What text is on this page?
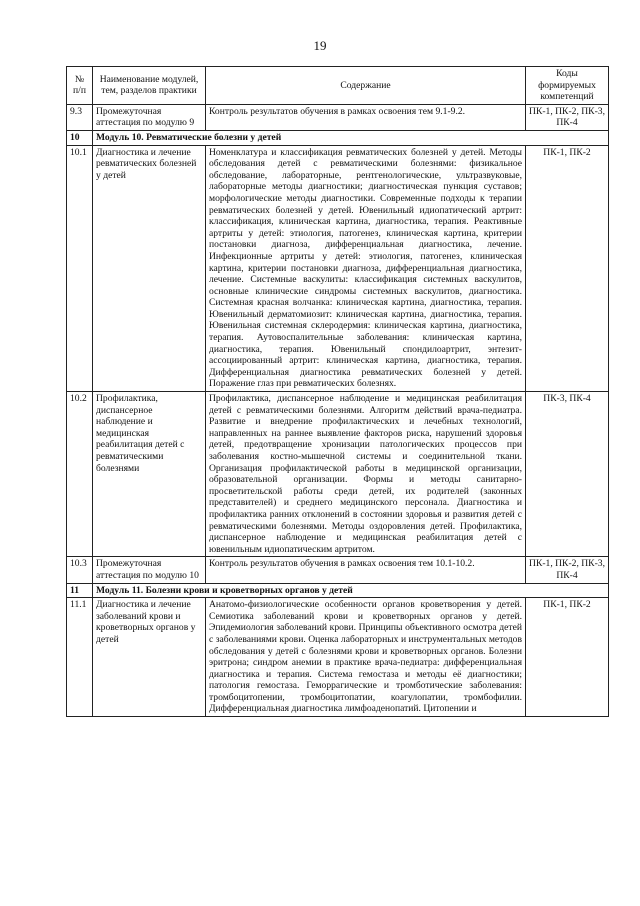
19
№ п/п	Наименование модулей, тем, разделов практики	Содержание	Коды формируемых компетенций
9.3	Промежуточная аттестация по модулю 9	Контроль результатов обучения в рамках освоения тем 9.1-9.2.	ПК-1, ПК-2, ПК-3, ПК-4
10	Модуль 10. Ревматические болезни у детей		
10.1	Диагностика и лечение ревматических болезней у детей	Номенклатура и классификация ревматических болезней у детей. Методы обследования детей с ревматическими болезнями: физикальное обследование, лабораторные, рентгенологические, ультразвуковые, лабораторные методы диагностики; диагностическая пункция суставов; морфологические методы диагностики. Современные подходы к терапии ревматических болезней у детей. Ювенильный идиопатический артрит: классификация, клиническая картина, диагностика, терапия. Реактивные артриты у детей: этиология, патогенез, клиническая картина, критерии постановки диагноза, дифференциальная диагностика, лечение. Инфекционные артриты у детей: этиология, патогенез, клиническая картина, критерии постановки диагноза, дифференциальная диагностика, лечение. Системные васкулиты: классификация системных васкулитов, основные клинические синдромы системных васкулитов, диагностика. Системная красная волчанка: клиническая картина, диагностика, терапия. Ювенильный дерматомиозит: клиническая картина, диагностика, терапия. Ювенильная системная склеродермия: клиническая картина, диагностика, терапия. Аутовоспалительные заболевания: клиническая картина, диагностика, терапия. Ювенильный спондилоартрит, энтезит-ассоциированный артрит: клиническая картина, диагностика, терапия. Дифференциальная диагностика ревматических болезней у детей. Поражение глаз при ревматических болезнях.	ПК-1, ПК-2
10.2	Профилактика, диспансерное наблюдение и медицинская реабилитация детей с ревматическими болезнями	Профилактика, диспансерное наблюдение и медицинская реабилитация детей с ревматическими болезнями. Алгоритм действий врача-педиатра. Развитие и внедрение профилактических и лечебных технологий, направленных на раннее выявление факторов риска, нарушений здоровья детей, предотвращение хронизации патологических процессов при заболевания костно-мышечной системы и соединительной ткани. Организация профилактической работы в медицинской организации, образовательной организации. Формы и методы санитарно-просветительской работы среди детей, их родителей (законных представителей) и среднего медицинского персонала. Диагностика и профилактика ранних отклонений в состоянии здоровья и развития детей с ревматическими болезнями. Методы оздоровления детей. Профилактика, диспансерное наблюдение и медицинская реабилитация детей с ювенильным идиопатическим артритом.	ПК-3, ПК-4
10.3	Промежуточная аттестация по модулю 10	Контроль результатов обучения в рамках освоения тем 10.1-10.2.	ПК-1, ПК-2, ПК-3, ПК-4
11	Модуль 11. Болезни крови и кроветворных органов у детей		
11.1	Диагностика и лечение заболеваний крови и кроветворных органов у детей	Анатомо-физиологические особенности органов кроветворения у детей. Семиотика заболеваний крови и кроветворных органов у детей. Эпидемиология заболеваний крови. Принципы объективного осмотра детей с заболеваниями крови. Оценка лабораторных и инструментальных методов обследования у детей с болезнями крови и кроветворных органов. Болезни эритрона; синдром анемии в практике врача-педиатра: дифференциальная диагностика и терапия. Система гемостаза и методы её диагностики; патология гемостаза. Геморрагические и тромботические заболевания: тромбоцитопении, тромбоцитопатии, коагулопатии, тромбофилии. Дифференциальная диагностика лимфоаденопатий. Цитопении и	ПК-1, ПК-2
